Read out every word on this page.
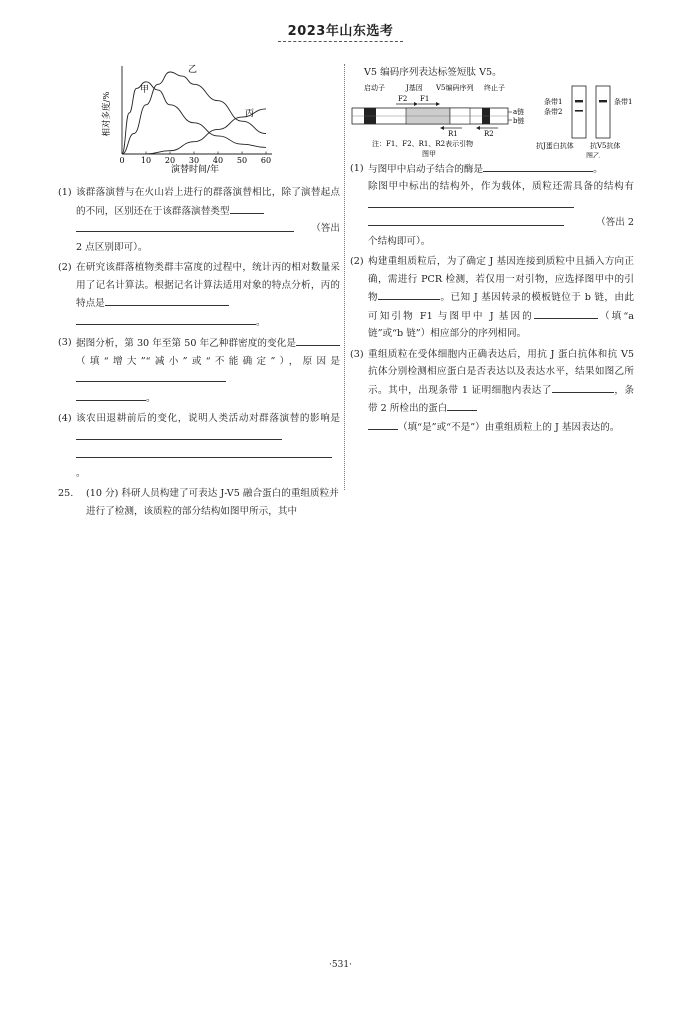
2023年山东选考
0 10 20 30 40 50 60
相对多度/%
演替时间/年
甲
乙
丙
(1) 该群落演替与在火山岩上进行的群落演替相比，除了演替起点的不同，区别还在于该群落演替类型

（答出

2 点区别即可）。
(2) 在研究该群落植物类群丰富度的过程中，统计丙的相对数量采用了记名计算法。根据记名计算法适用对象的特点分析，丙的特点是
。
(3) 据图分析，第 30 年至第 50 年乙种群密度的变化是（填“增大”“减小”或“不能确定”），原因是
。
(4) 该农田退耕前后的变化，说明人类活动对群落演替的影响是
。
25.	(10 分) 科研人员构建了可表达 J-V5 融合蛋白的重组质粒并进行了检测，该质粒的部分结构如图甲所示，其中
V5 编码序列表达标签短肽 V5。
启动子	J基因 V5编码序列 终止子
F2 F1
a链
b链
R1	R2
注：F1、F2、R1、R2表示引物
图甲
条带1
条带2
条带1
抗J蛋白抗体 抗V5抗体
图乙
(1) 与图甲中启动子结合的酶是	。
除图甲中标出的结构外，作为载体，质粒还需具备的结构有

（答出 2

个结构即可）。
(2) 构建重组质粒后，为了确定 J 基因连接到质粒中且插入方向正确，需进行 PCR 检测，若仅用一对引物，应选择图甲中的引物	。已知 J 基因转录的模板链位于 b 链，由此可知引物 F1 与图甲中 J 基因的	（填“a 链”或“b 链”）相应部分的序列相同。
(3) 重组质粒在受体细胞内正确表达后，用抗 J 蛋白抗体和抗 V5 抗体分别检测相应蛋白是否表达以及表达水平，结果如图乙所示。其中，出现条带 1 证明细胞内表达了	，条带 2 所检出的蛋白
（填“是”或“不是”）由重组质粒上的 J 基因表达的。
·531·
